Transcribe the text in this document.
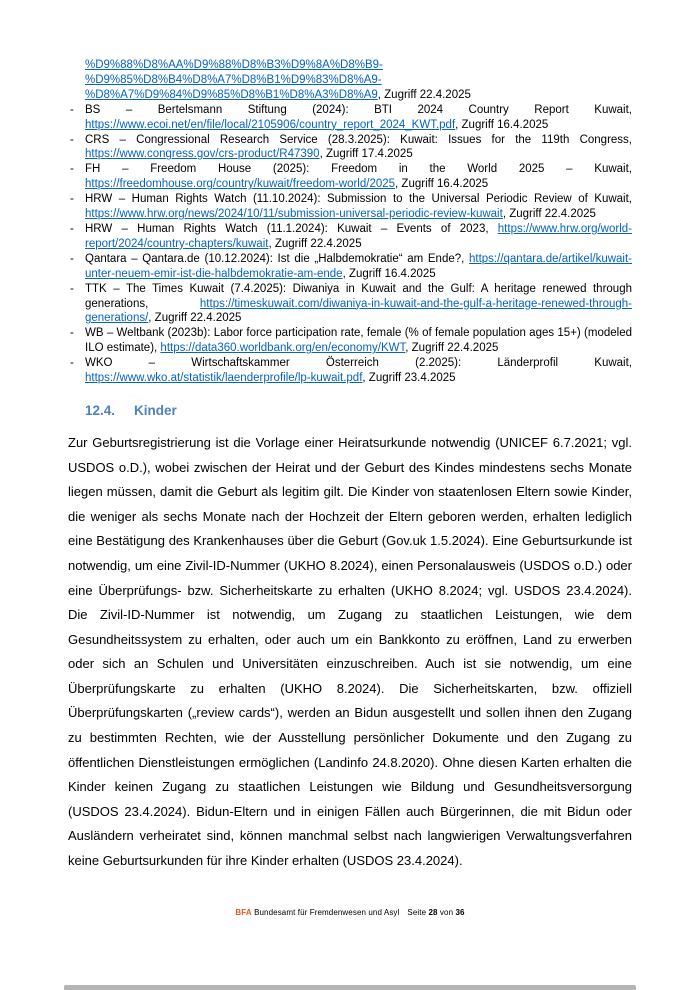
%D9%88%D8%AA%D9%88%D8%B3%D9%8A%D8%B9-
%D9%85%D8%B4%D8%A7%D8%B1%D9%83%D8%A9-
%D8%A7%D9%84%D9%85%D8%B1%D8%A3%D8%A9, Zugriff 22.4.2025
- BS – Bertelsmann Stiftung (2024): BTI 2024 Country Report Kuwait, https://www.ecoi.net/en/file/local/2105906/country_report_2024_KWT.pdf, Zugriff 16.4.2025
- CRS – Congressional Research Service (28.3.2025): Kuwait: Issues for the 119th Congress, https://www.congress.gov/crs-product/R47390, Zugriff 17.4.2025
- FH – Freedom House (2025): Freedom in the World 2025 – Kuwait, https://freedomhouse.org/country/kuwait/freedom-world/2025, Zugriff 16.4.2025
- HRW – Human Rights Watch (11.10.2024): Submission to the Universal Periodic Review of Kuwait, https://www.hrw.org/news/2024/10/11/submission-universal-periodic-review-kuwait, Zugriff 22.4.2025
- HRW – Human Rights Watch (11.1.2024): Kuwait – Events of 2023, https://www.hrw.org/world-report/2024/country-chapters/kuwait, Zugriff 22.4.2025
- Qantara – Qantara.de (10.12.2024): Ist die „Halbdemokratie“ am Ende?, https://qantara.de/artikel/kuwait-unter-neuem-emir-ist-die-halbdemokratie-am-ende, Zugriff 16.4.2025
- TTK – The Times Kuwait (7.4.2025): Diwaniya in Kuwait and the Gulf: A heritage renewed through generations, https://timeskuwait.com/diwaniya-in-kuwait-and-the-gulf-a-heritage-renewed-through-generations/, Zugriff 22.4.2025
- WB – Weltbank (2023b): Labor force participation rate, female (% of female population ages 15+) (modeled ILO estimate), https://data360.worldbank.org/en/economy/KWT, Zugriff 22.4.2025
- WKO – Wirtschaftskammer Österreich (2.2025): Länderprofil Kuwait, https://www.wko.at/statistik/laenderprofile/lp-kuwait.pdf, Zugriff 23.4.2025
12.4. Kinder
Zur Geburtsregistrierung ist die Vorlage einer Heiratsurkunde notwendig (UNICEF 6.7.2021; vgl. USDOS o.D.), wobei zwischen der Heirat und der Geburt des Kindes mindestens sechs Monate liegen müssen, damit die Geburt als legitim gilt. Die Kinder von staatenlosen Eltern sowie Kinder, die weniger als sechs Monate nach der Hochzeit der Eltern geboren werden, erhalten lediglich eine Bestätigung des Krankenhauses über die Geburt (Gov.uk 1.5.2024). Eine Geburtsurkunde ist notwendig, um eine Zivil-ID-Nummer (UKHO 8.2024), einen Personalausweis (USDOS o.D.) oder eine Überprüfungs- bzw. Sicherheitskarte zu erhalten (UKHO 8.2024; vgl. USDOS 23.4.2024). Die Zivil-ID-Nummer ist notwendig, um Zugang zu staatlichen Leistungen, wie dem Gesundheitssystem zu erhalten, oder auch um ein Bankkonto zu eröffnen, Land zu erwerben oder sich an Schulen und Universitäten einzuschreiben. Auch ist sie notwendig, um eine Überprüfungskarte zu erhalten (UKHO 8.2024). Die Sicherheitskarten, bzw. offiziell Überprüfungskarten („review cards“), werden an Bidun ausgestellt und sollen ihnen den Zugang zu bestimmten Rechten, wie der Ausstellung persönlicher Dokumente und den Zugang zu öffentlichen Dienstleistungen ermöglichen (Landinfo 24.8.2020). Ohne diesen Karten erhalten die Kinder keinen Zugang zu staatlichen Leistungen wie Bildung und Gesundheitsversorgung (USDOS 23.4.2024). Bidun-Eltern und in einigen Fällen auch Bürgerinnen, die mit Bidun oder Ausländern verheiratet sind, können manchmal selbst nach langwierigen Verwaltungsverfahren keine Geburtsurkunden für ihre Kinder erhalten (USDOS 23.4.2024).
BFA Bundesamt für Fremdenwesen und Asyl Seite 28 von 36
